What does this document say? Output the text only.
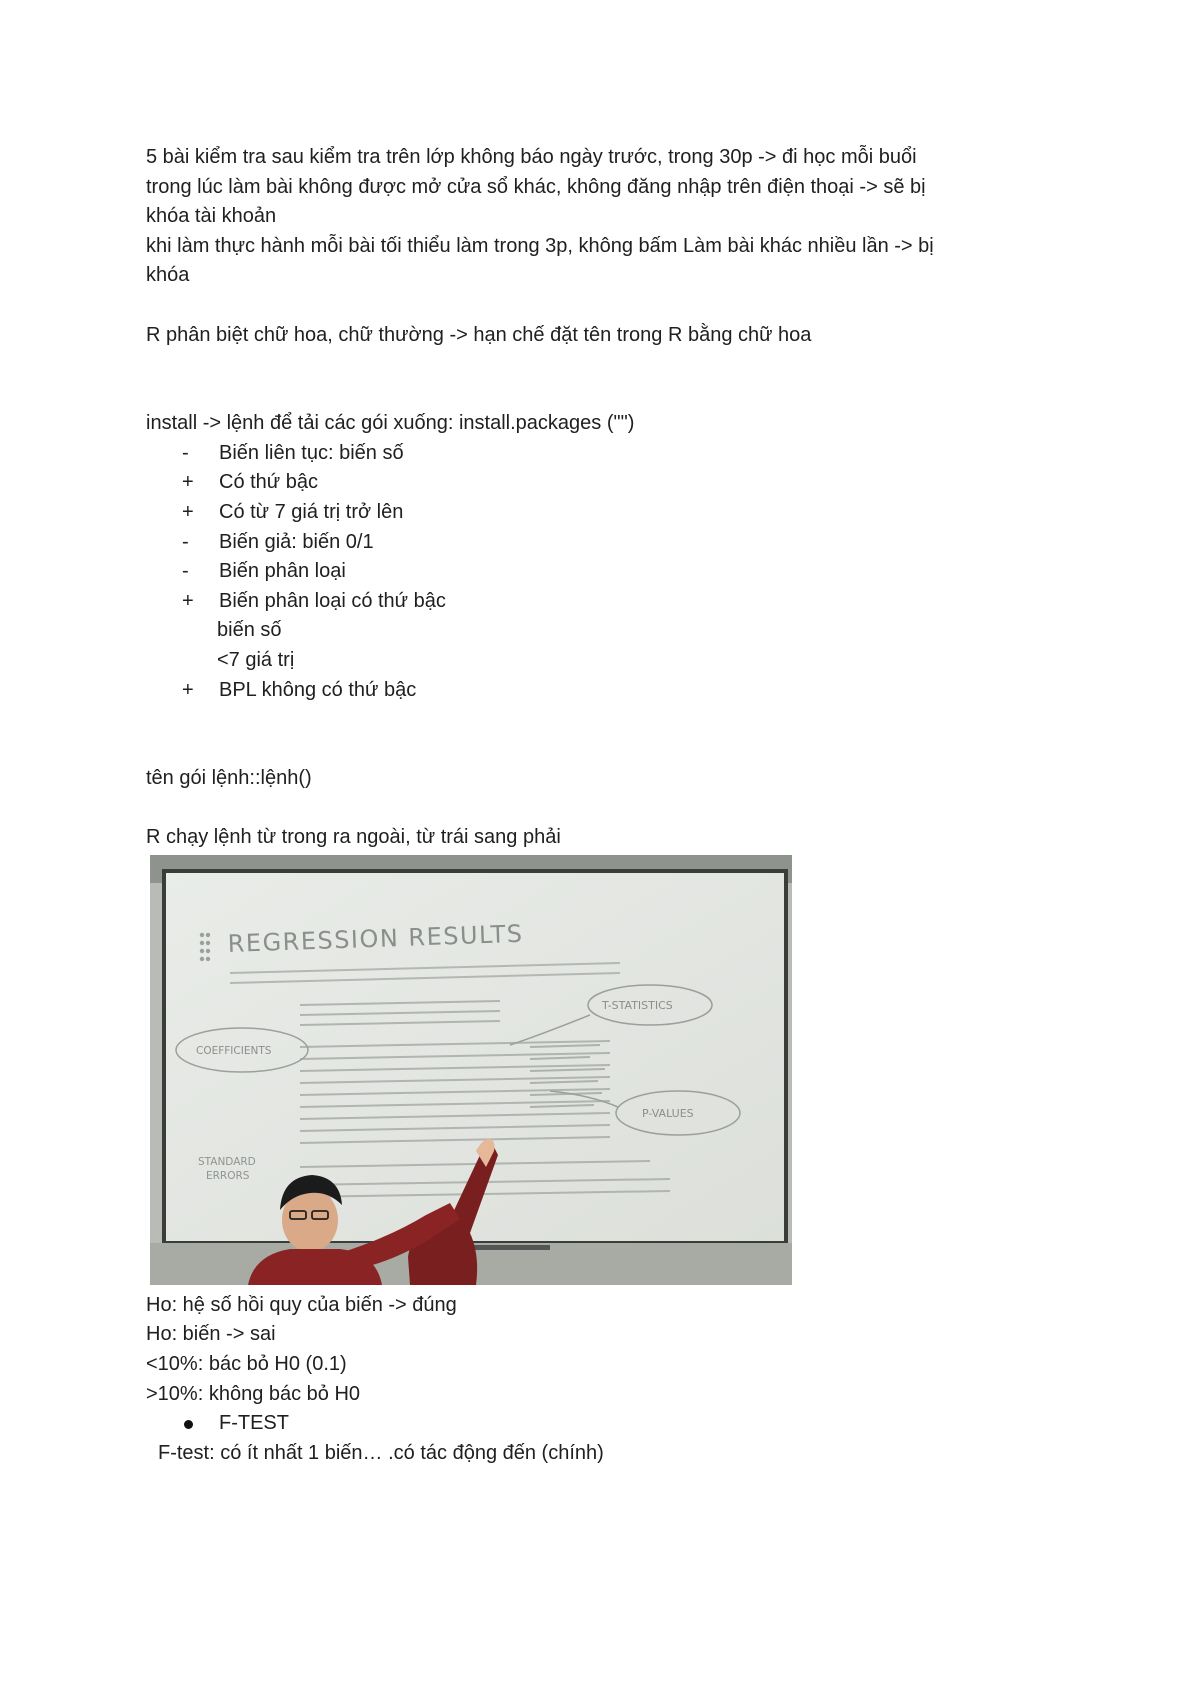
5 bài kiểm tra sau kiểm tra trên lớp không báo ngày trước, trong 30p -> đi học mỗi buổi

trong lúc làm bài không được mở cửa sổ khác, không đăng nhập trên điện thoại -> sẽ bị

khóa tài khoản

khi làm thực hành mỗi bài tối thiểu làm trong 3p, không bấm Làm bài khác nhiều lần -> bị

khóa

R phân biệt chữ hoa, chữ thường -> hạn chế đặt tên trong R bằng chữ hoa

install -> lệnh để tải các gói xuống: install.packages ("")

-	Biến liên tục: biến số

+	Có thứ bậc

+	Có từ 7 giá trị trở lên

-	Biến giả: biến 0/1

-	Biến phân loại

+	Biến phân loại có thứ bậc

biến số

<7 giá trị

+	BPL không có thứ bậc

tên gói lệnh::lệnh()

R chạy lệnh từ trong ra ngoài, từ trái sang phải

REGRESSION RESULTS
T-STATISTICS
COEFFICIENTS
P-VALUES
STANDARD
ERRORS

Ho: hệ số hồi quy của biến -> đúng

Ho: biến -> sai

<10%: bác bỏ H0 (0.1)

>10%: không bác bỏ H0

F-TEST

F-test: có ít nhất 1 biến… .có tác động đến (chính)
